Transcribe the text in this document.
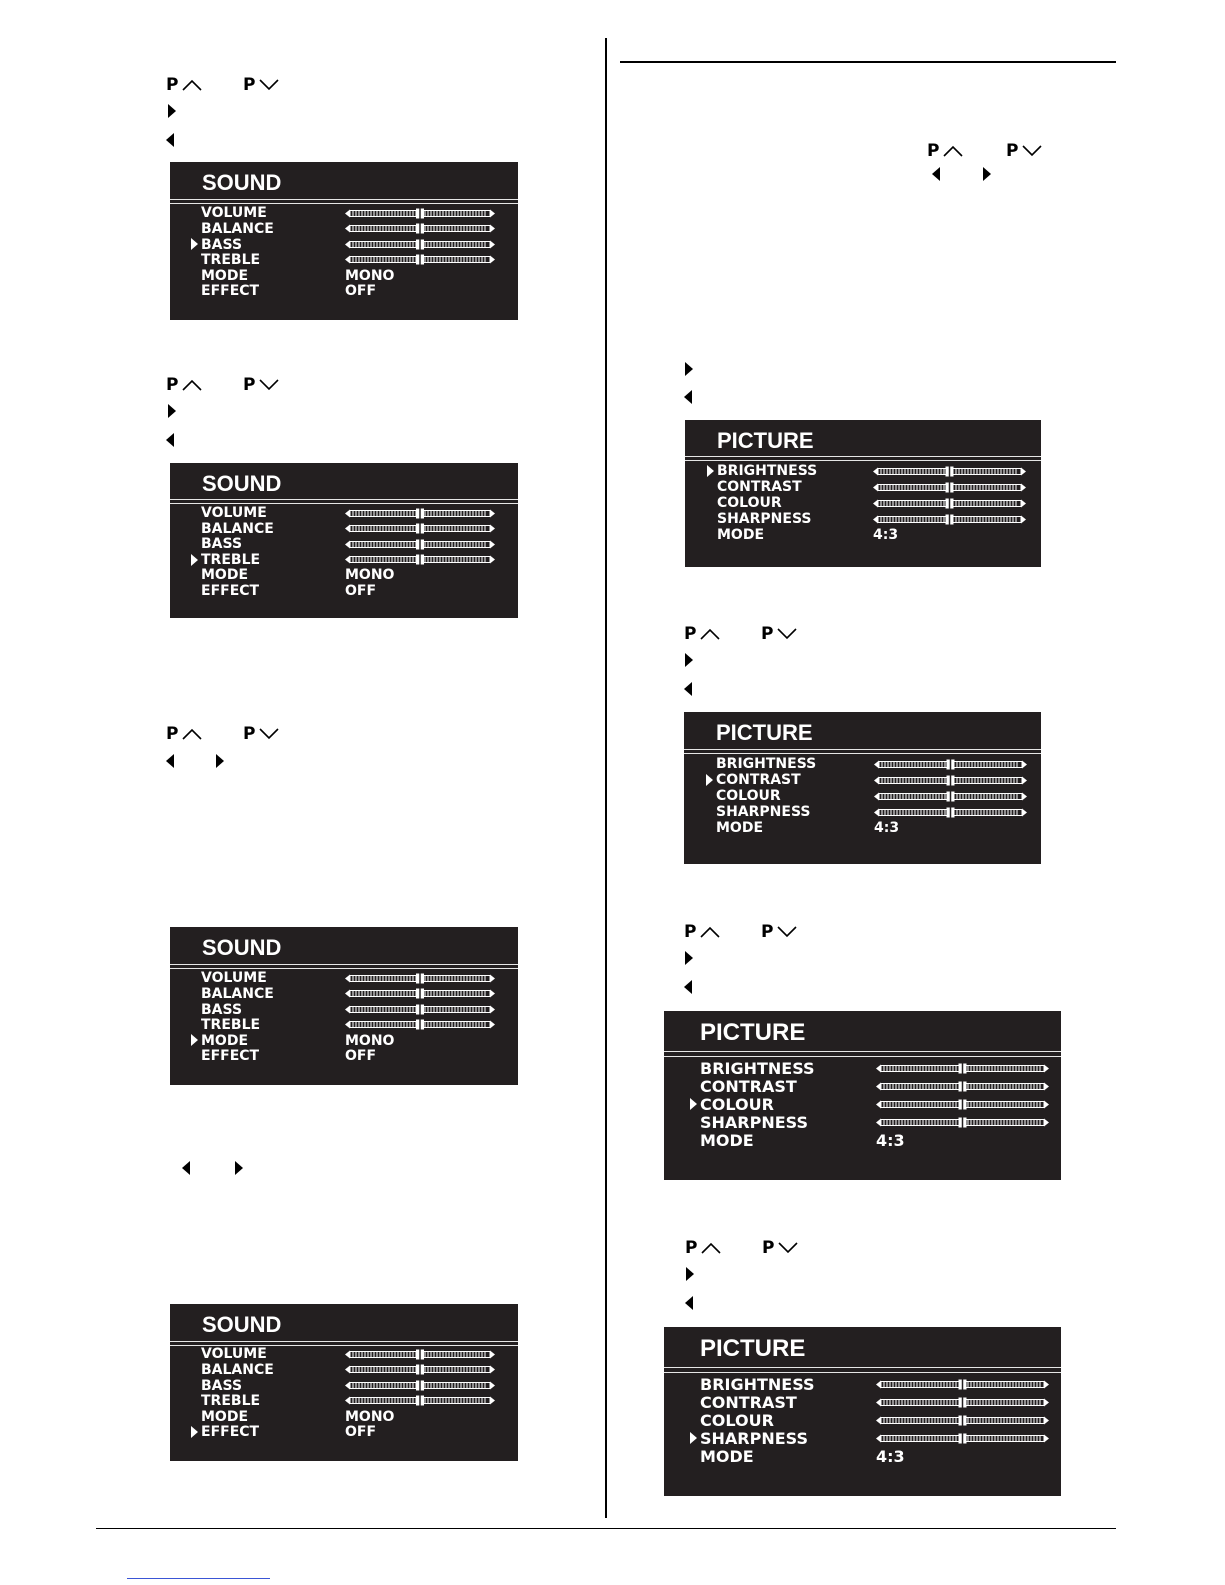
P	P
P	P
P	P
P	P
P	P
P	P
P	P
SOUND
VOLUME
BALANCE
BASS
TREBLE
MODE	MONO
EFFECT	OFF
SOUND
VOLUME
BALANCE
BASS
TREBLE
MODE	MONO
EFFECT	OFF
SOUND
VOLUME
BALANCE
BASS
TREBLE
MODE	MONO
EFFECT	OFF
SOUND
VOLUME
BALANCE
BASS
TREBLE
MODE	MONO
EFFECT	OFF
PICTURE
BRIGHTNESS
CONTRAST
COLOUR
SHARPNESS
MODE	4:3
PICTURE
BRIGHTNESS
CONTRAST
COLOUR
SHARPNESS
MODE	4:3
PICTURE
BRIGHTNESS
CONTRAST
COLOUR
SHARPNESS
MODE	4:3
PICTURE
BRIGHTNESS
CONTRAST
COLOUR
SHARPNESS
MODE	4:3
